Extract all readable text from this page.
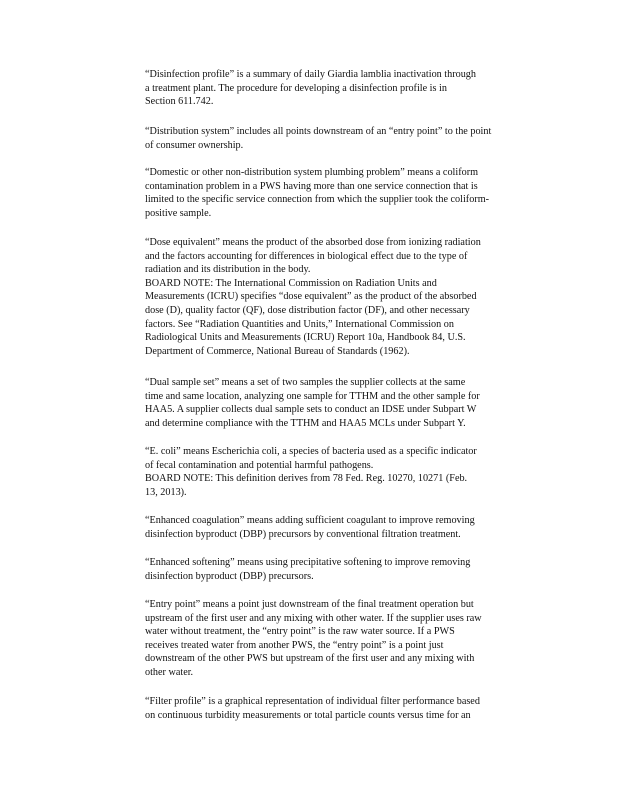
“Disinfection profile” is a summary of daily Giardia lamblia inactivation through
a treatment plant. The procedure for developing a disinfection profile is in
Section 611.742.
“Distribution system” includes all points downstream of an “entry point” to the point
of consumer ownership.
“Domestic or other non-distribution system plumbing problem” means a coliform
contamination problem in a PWS having more than one service connection that is
limited to the specific service connection from which the supplier took the coliform-
positive sample.
“Dose equivalent” means the product of the absorbed dose from ionizing radiation
and the factors accounting for differences in biological effect due to the type of
radiation and its distribution in the body.
BOARD NOTE: The International Commission on Radiation Units and
Measurements (ICRU) specifies “dose equivalent” as the product of the absorbed
dose (D), quality factor (QF), dose distribution factor (DF), and other necessary
factors. See “Radiation Quantities and Units,” International Commission on
Radiological Units and Measurements (ICRU) Report 10a, Handbook 84, U.S.
Department of Commerce, National Bureau of Standards (1962).
“Dual sample set” means a set of two samples the supplier collects at the same
time and same location, analyzing one sample for TTHM and the other sample for
HAA5. A supplier collects dual sample sets to conduct an IDSE under Subpart W
and determine compliance with the TTHM and HAA5 MCLs under Subpart Y.
“E. coli” means Escherichia coli, a species of bacteria used as a specific indicator
of fecal contamination and potential harmful pathogens.
BOARD NOTE: This definition derives from 78 Fed. Reg. 10270, 10271 (Feb.
13, 2013).
“Enhanced coagulation” means adding sufficient coagulant to improve removing
disinfection byproduct (DBP) precursors by conventional filtration treatment.
“Enhanced softening” means using precipitative softening to improve removing
disinfection byproduct (DBP) precursors.
“Entry point” means a point just downstream of the final treatment operation but
upstream of the first user and any mixing with other water. If the supplier uses raw
water without treatment, the “entry point” is the raw water source. If a PWS
receives treated water from another PWS, the “entry point” is a point just
downstream of the other PWS but upstream of the first user and any mixing with
other water.
“Filter profile” is a graphical representation of individual filter performance based
on continuous turbidity measurements or total particle counts versus time for an
